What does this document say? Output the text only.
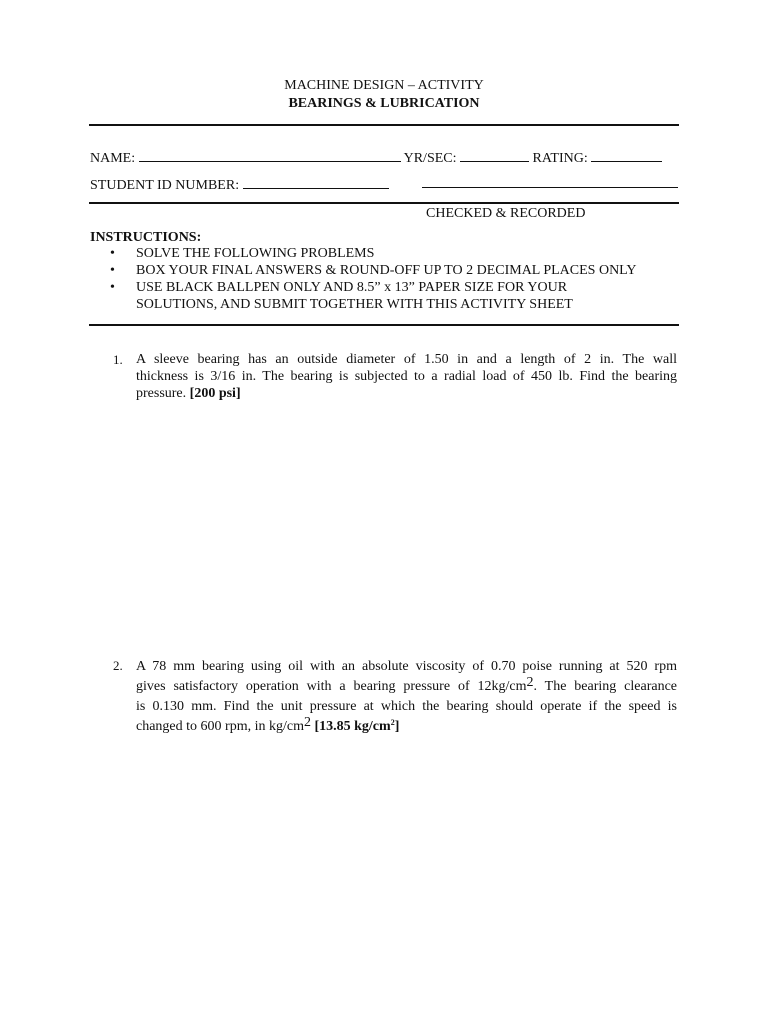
MACHINE DESIGN – ACTIVITY
BEARINGS & LUBRICATION
NAME:	YR/SEC:	RATING:
STUDENT ID NUMBER:
CHECKED & RECORDED
INSTRUCTIONS:
• SOLVE THE FOLLOWING PROBLEMS
• BOX YOUR FINAL ANSWERS & ROUND-OFF UP TO 2 DECIMAL PLACES ONLY
• USE BLACK BALLPEN ONLY AND 8.5” x 13” PAPER SIZE FOR YOUR
SOLUTIONS, AND SUBMIT TOGETHER WITH THIS ACTIVITY SHEET
1. A sleeve bearing has an outside diameter of 1.50 in and a length of 2 in. The wall
thickness is 3/16 in. The bearing is subjected to a radial load of 450 lb. Find the bearing
pressure. [200 psi]
2. A 78 mm bearing using oil with an absolute viscosity of 0.70 poise running at 520 rpm
gives satisfactory operation with a bearing pressure of $12kg/cm^2$. The bearing clearance
is 0.130 mm. Find the unit pressure at which the bearing should operate if the speed is
changed to 600 rpm, in $kg/cm^2$ [13.85 $kg/cm^2$]
